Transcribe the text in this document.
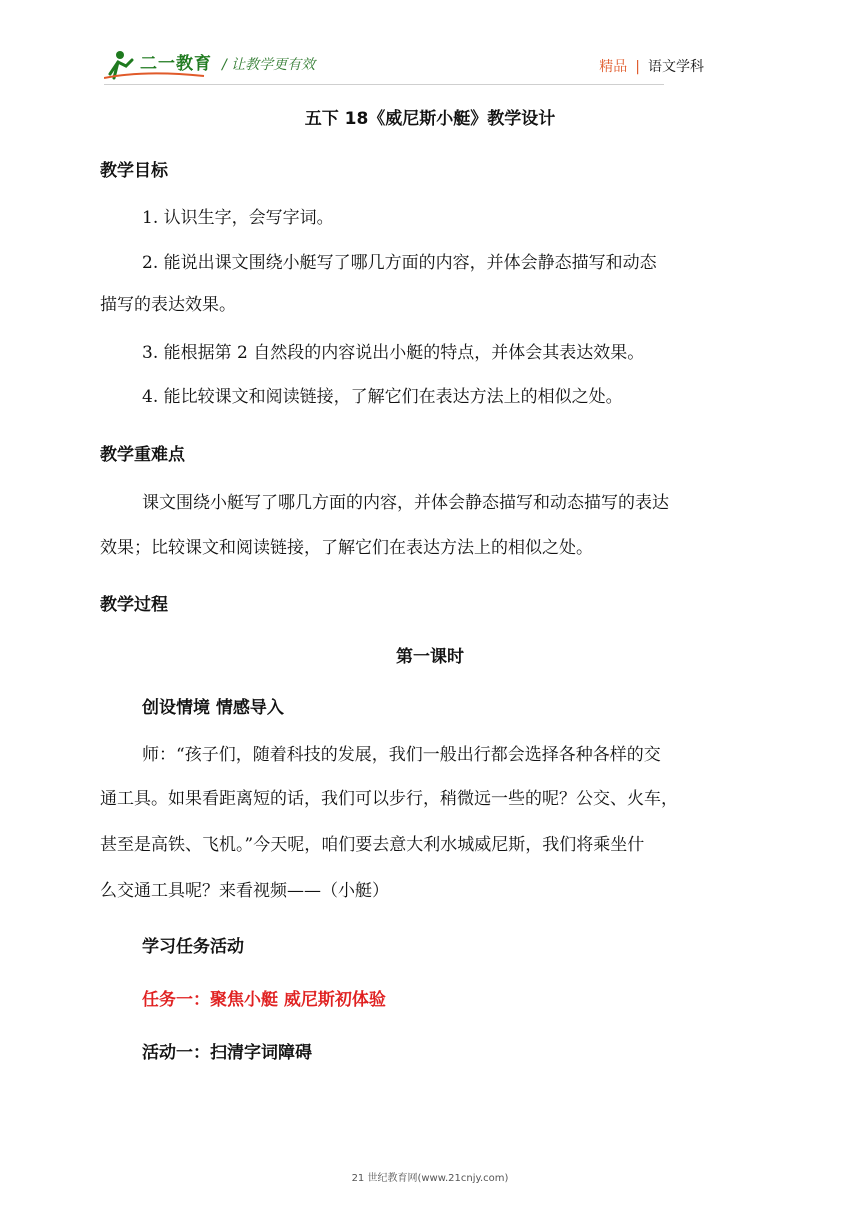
二一教育 / 让教学更有效	精品 | 语文学科
五下 18《威尼斯小艇》教学设计
教学目标
1. 认识生字，会写字词。
2. 能说出课文围绕小艇写了哪几方面的内容，并体会静态描写和动态
描写的表达效果。
3. 能根据第 2 自然段的内容说出小艇的特点，并体会其表达效果。
4. 能比较课文和阅读链接，了解它们在表达方法上的相似之处。
教学重难点
课文围绕小艇写了哪几方面的内容，并体会静态描写和动态描写的表达
效果；比较课文和阅读链接，了解它们在表达方法上的相似之处。
教学过程
第一课时
创设情境 情感导入
师：“孩子们，随着科技的发展，我们一般出行都会选择各种各样的交
通工具。如果看距离短的话，我们可以步行，稍微远一些的呢？公交、火车，
甚至是高铁、飞机。”今天呢，咱们要去意大利水城威尼斯，我们将乘坐什
么交通工具呢？来看视频——（小艇）
学习任务活动
任务一：聚焦小艇 威尼斯初体验
活动一：扫清字词障碍
21 世纪教育网(www.21cnjy.com)
